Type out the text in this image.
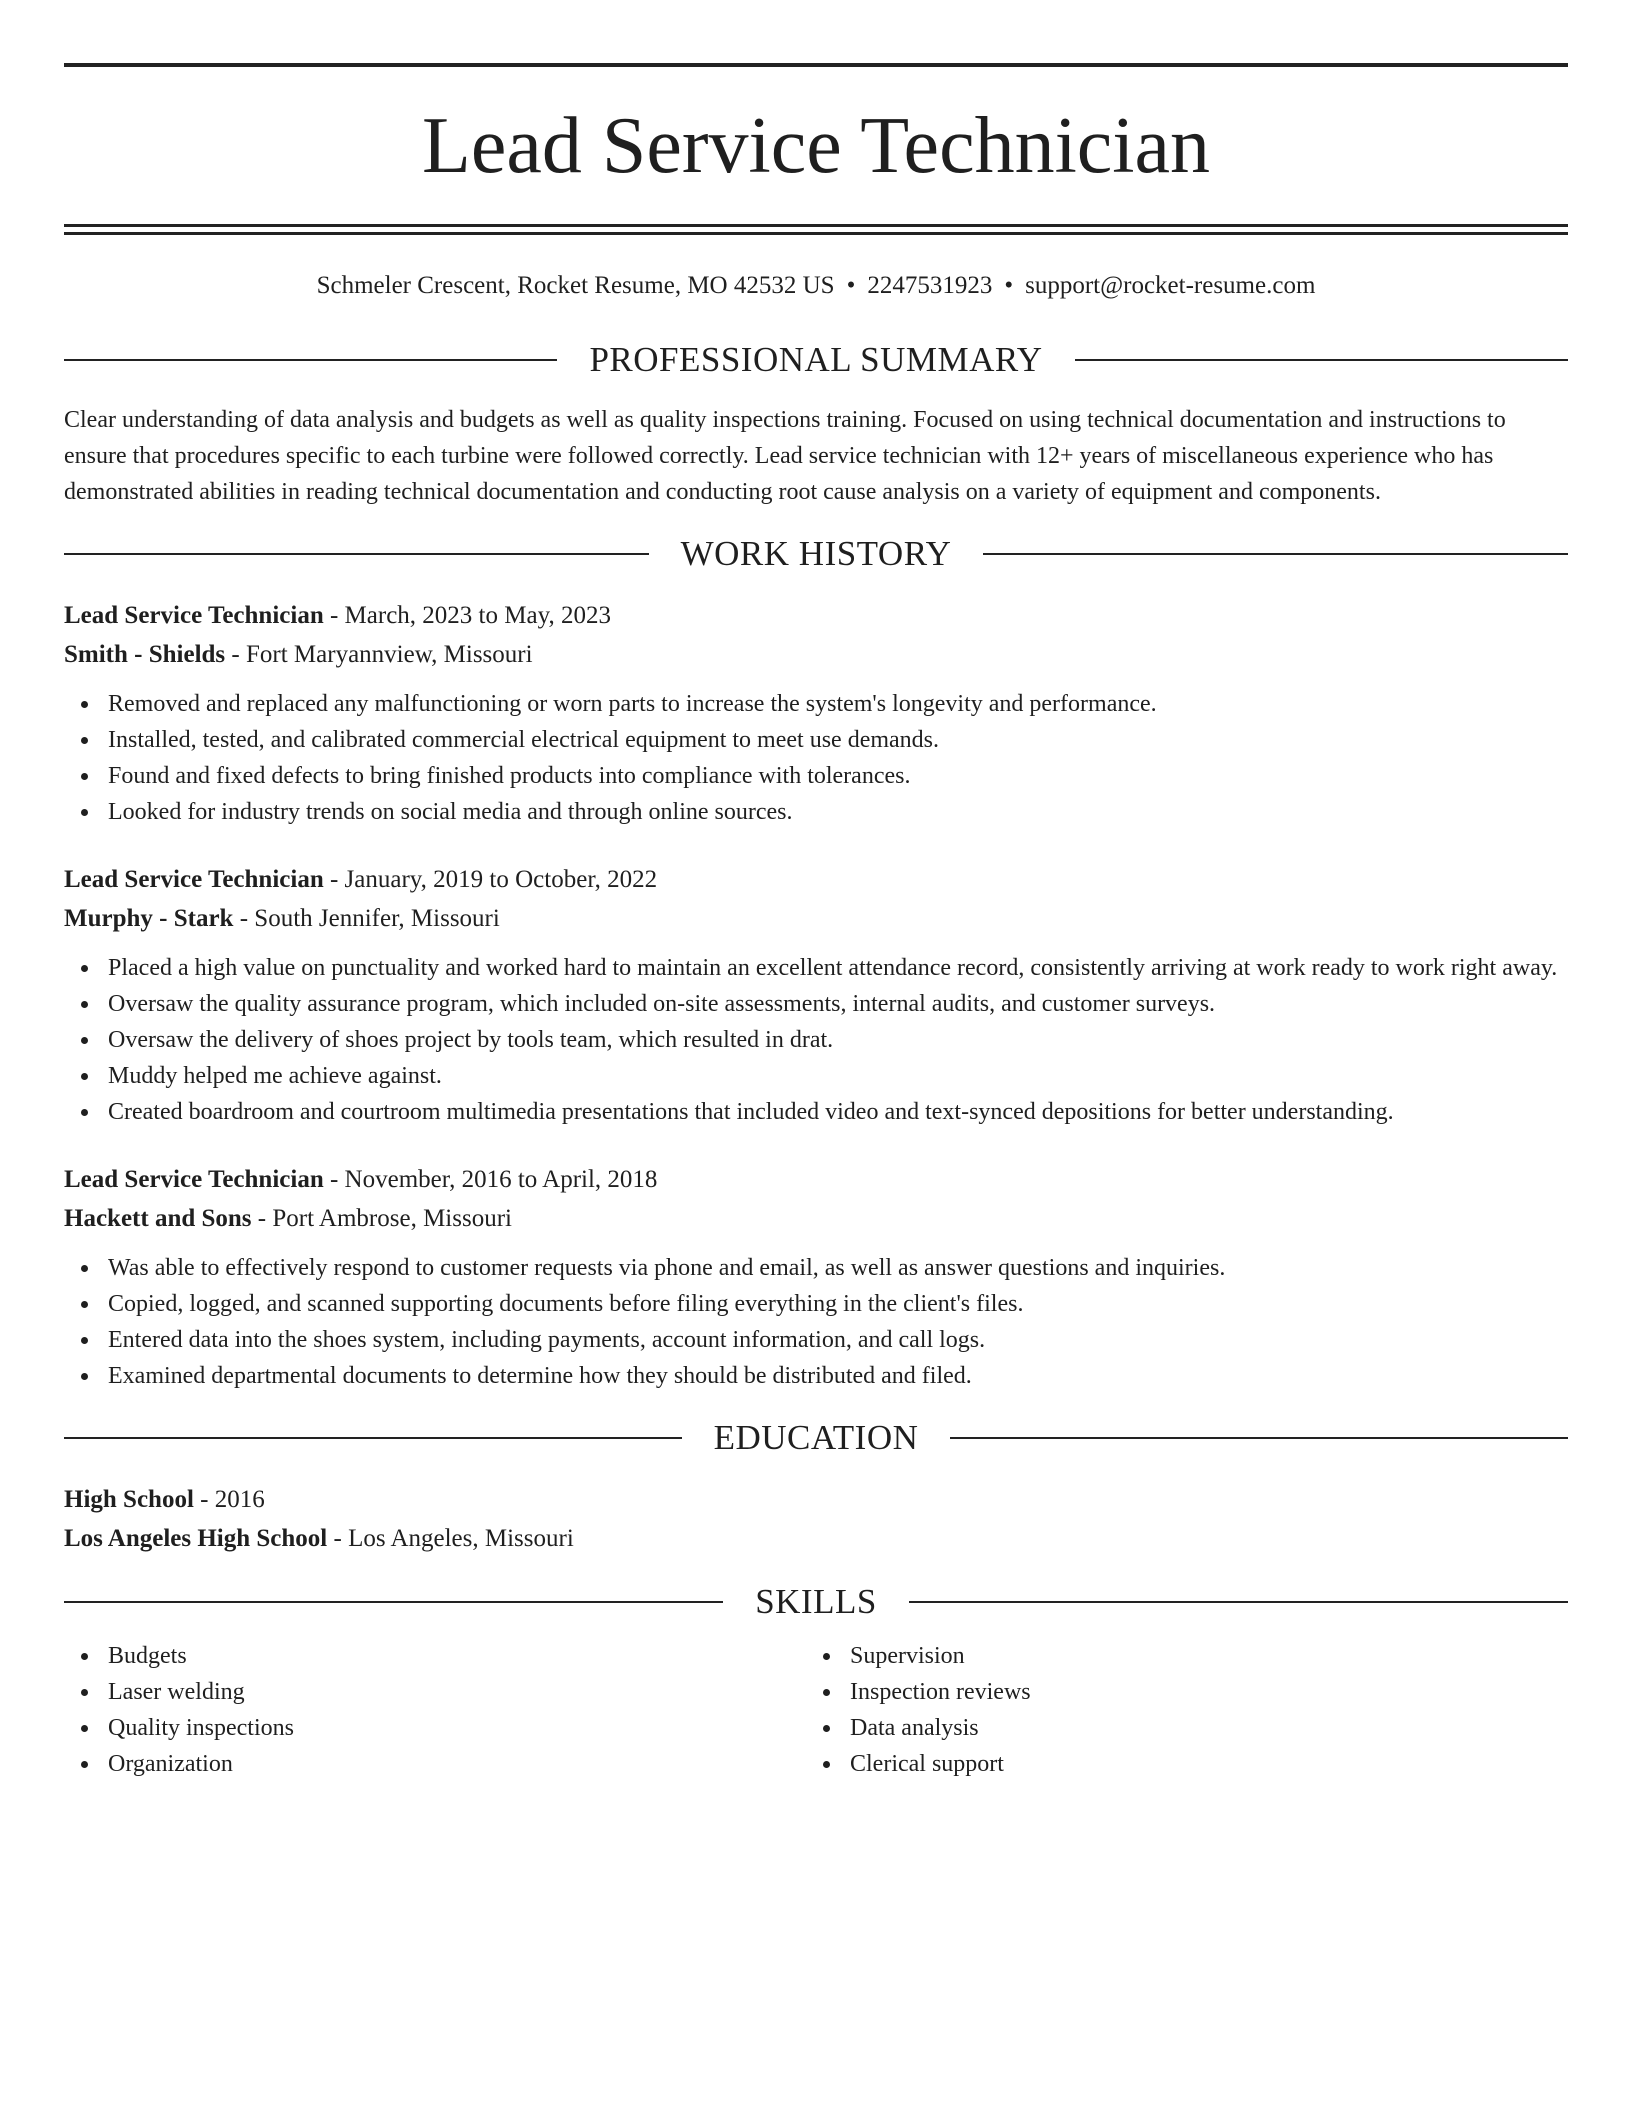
Lead Service Technician
Schmeler Crescent, Rocket Resume, MO 42532 US • 2247531923 • support@rocket-resume.com
PROFESSIONAL SUMMARY

Clear understanding of data analysis and budgets as well as quality inspections training. Focused on using technical documentation and instructions to ensure that procedures specific to each turbine were followed correctly. Lead service technician with 12+ years of miscellaneous experience who has demonstrated abilities in reading technical documentation and conducting root cause analysis on a variety of equipment and components.

WORK HISTORY
Lead Service Technician - March, 2023 to May, 2023
Smith - Shields - Fort Maryannview, Missouri
Removed and replaced any malfunctioning or worn parts to increase the system's longevity and performance.
Installed, tested, and calibrated commercial electrical equipment to meet use demands.
Found and fixed defects to bring finished products into compliance with tolerances.
Looked for industry trends on social media and through online sources.
Lead Service Technician - January, 2019 to October, 2022
Murphy - Stark - South Jennifer, Missouri
Placed a high value on punctuality and worked hard to maintain an excellent attendance record, consistently arriving at work ready to work right away.
Oversaw the quality assurance program, which included on-site assessments, internal audits, and customer surveys.
Oversaw the delivery of shoes project by tools team, which resulted in drat.
Muddy helped me achieve against.
Created boardroom and courtroom multimedia presentations that included video and text-synced depositions for better understanding.
Lead Service Technician - November, 2016 to April, 2018
Hackett and Sons - Port Ambrose, Missouri
Was able to effectively respond to customer requests via phone and email, as well as answer questions and inquiries.
Copied, logged, and scanned supporting documents before filing everything in the client's files.
Entered data into the shoes system, including payments, account information, and call logs.
Examined departmental documents to determine how they should be distributed and filed.
EDUCATION
High School - 2016
Los Angeles High School - Los Angeles, Missouri
SKILLS
Budgets
Laser welding
Quality inspections
Organization
Supervision
Inspection reviews
Data analysis
Clerical support
